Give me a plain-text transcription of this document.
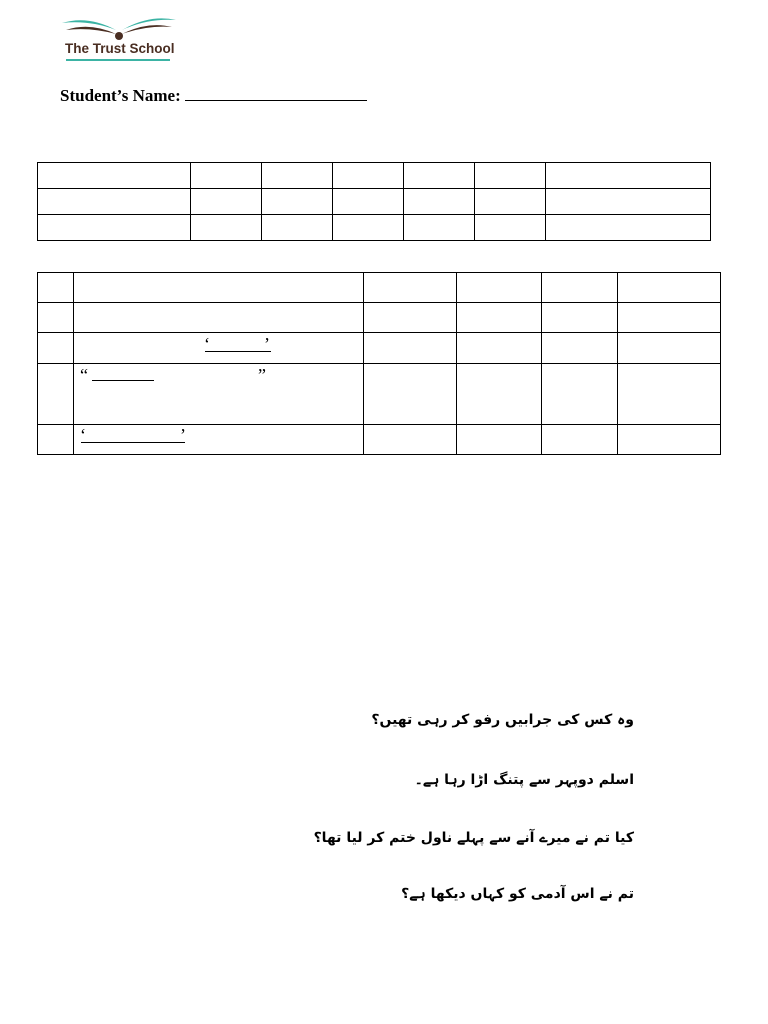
The Trust School
Student’s Name:

	‘ ’				

	“ ”				

	‘ ’				

وہ کس کی جرابیں رفو کر رہی تھیں؟
اسلم دوپہر سے پتنگ اڑا رہا ہے۔
کیا تم نے میرے آنے سے پہلے ناول ختم کر لیا تھا؟
تم نے اس آدمی کو کہاں دیکھا ہے؟
